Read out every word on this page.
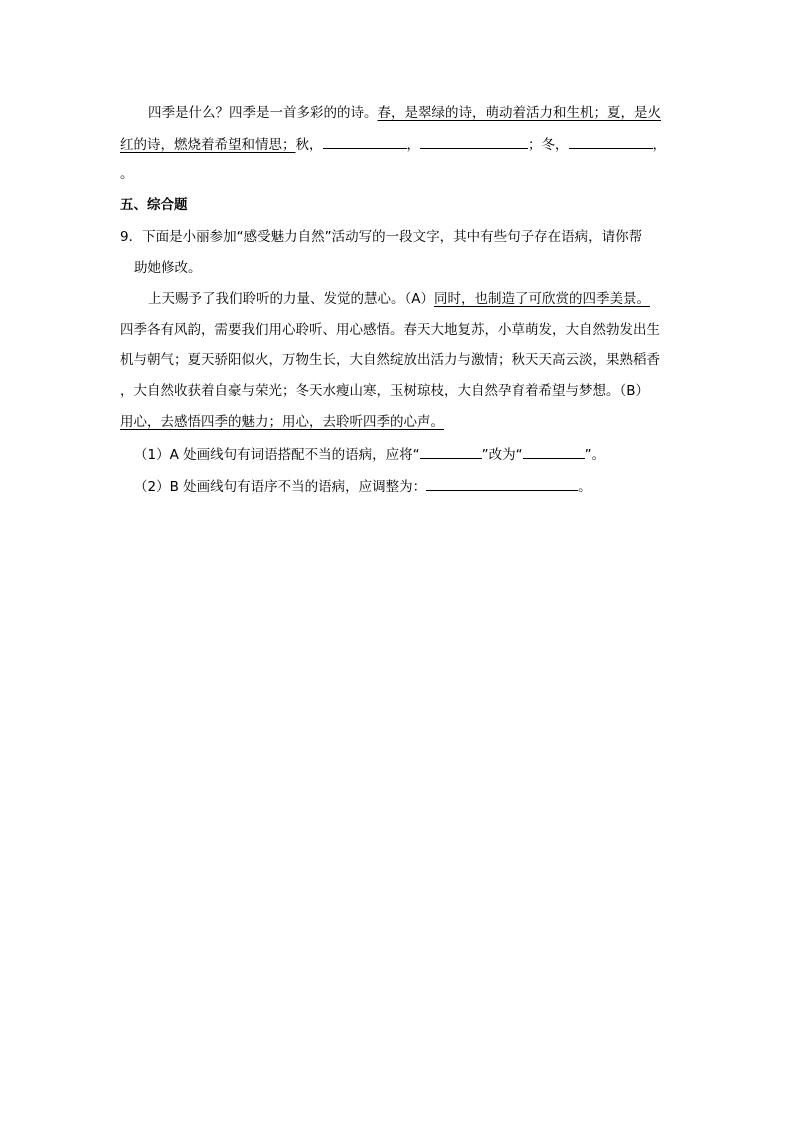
四季是什么？四季是一首多彩的的诗。春，是翠绿的诗，萌动着活力和生机；夏，是火
红的诗，燃烧着希望和情思；秋，	，	；冬，	，
。
五、综合题
9．下面是小丽参加“感受魅力自然”活动写的一段文字，其中有些句子存在语病，请你帮
助她修改。
上天赐予了我们聆听的力量、发觉的慧心。（A）同时，也制造了可欣赏的四季美景。
四季各有风韵，需要我们用心聆听、用心感悟。春天大地复苏，小草萌发，大自然勃发出生
机与朝气；夏天骄阳似火，万物生长，大自然绽放出活力与激情；秋天天高云淡，果熟稻香
，大自然收获着自豪与荣光；冬天水瘦山寒，玉树琼枝，大自然孕育着希望与梦想。（B）
用心，去感悟四季的魅力；用心，去聆听四季的心声。
（1）A 处画线句有词语搭配不当的语病，应将“	”改为“	”。
（2）B 处画线句有语序不当的语病，应调整为：	。
